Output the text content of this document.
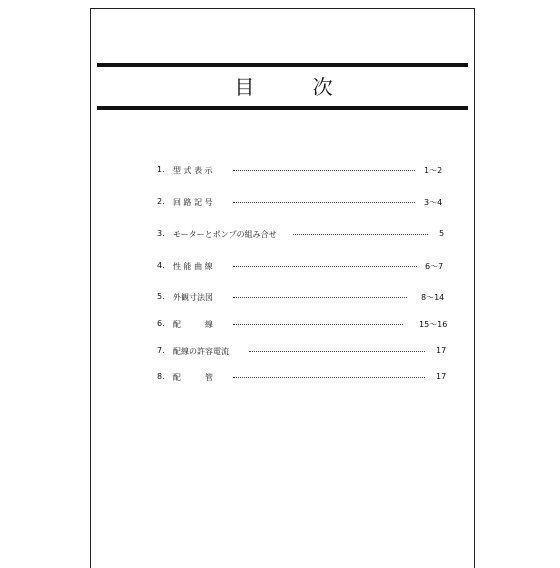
目 次
1. 型 式 表 示	1〜2
2. 回 路 記 号	3〜4
3. モーターとポンプの組み合せ	5
4. 性 能 曲 線	6〜7
5. 外観寸法図	8〜14
6. 配　　　線	15〜16
7. 配線の許容電流	17
8. 配　　　管	17
